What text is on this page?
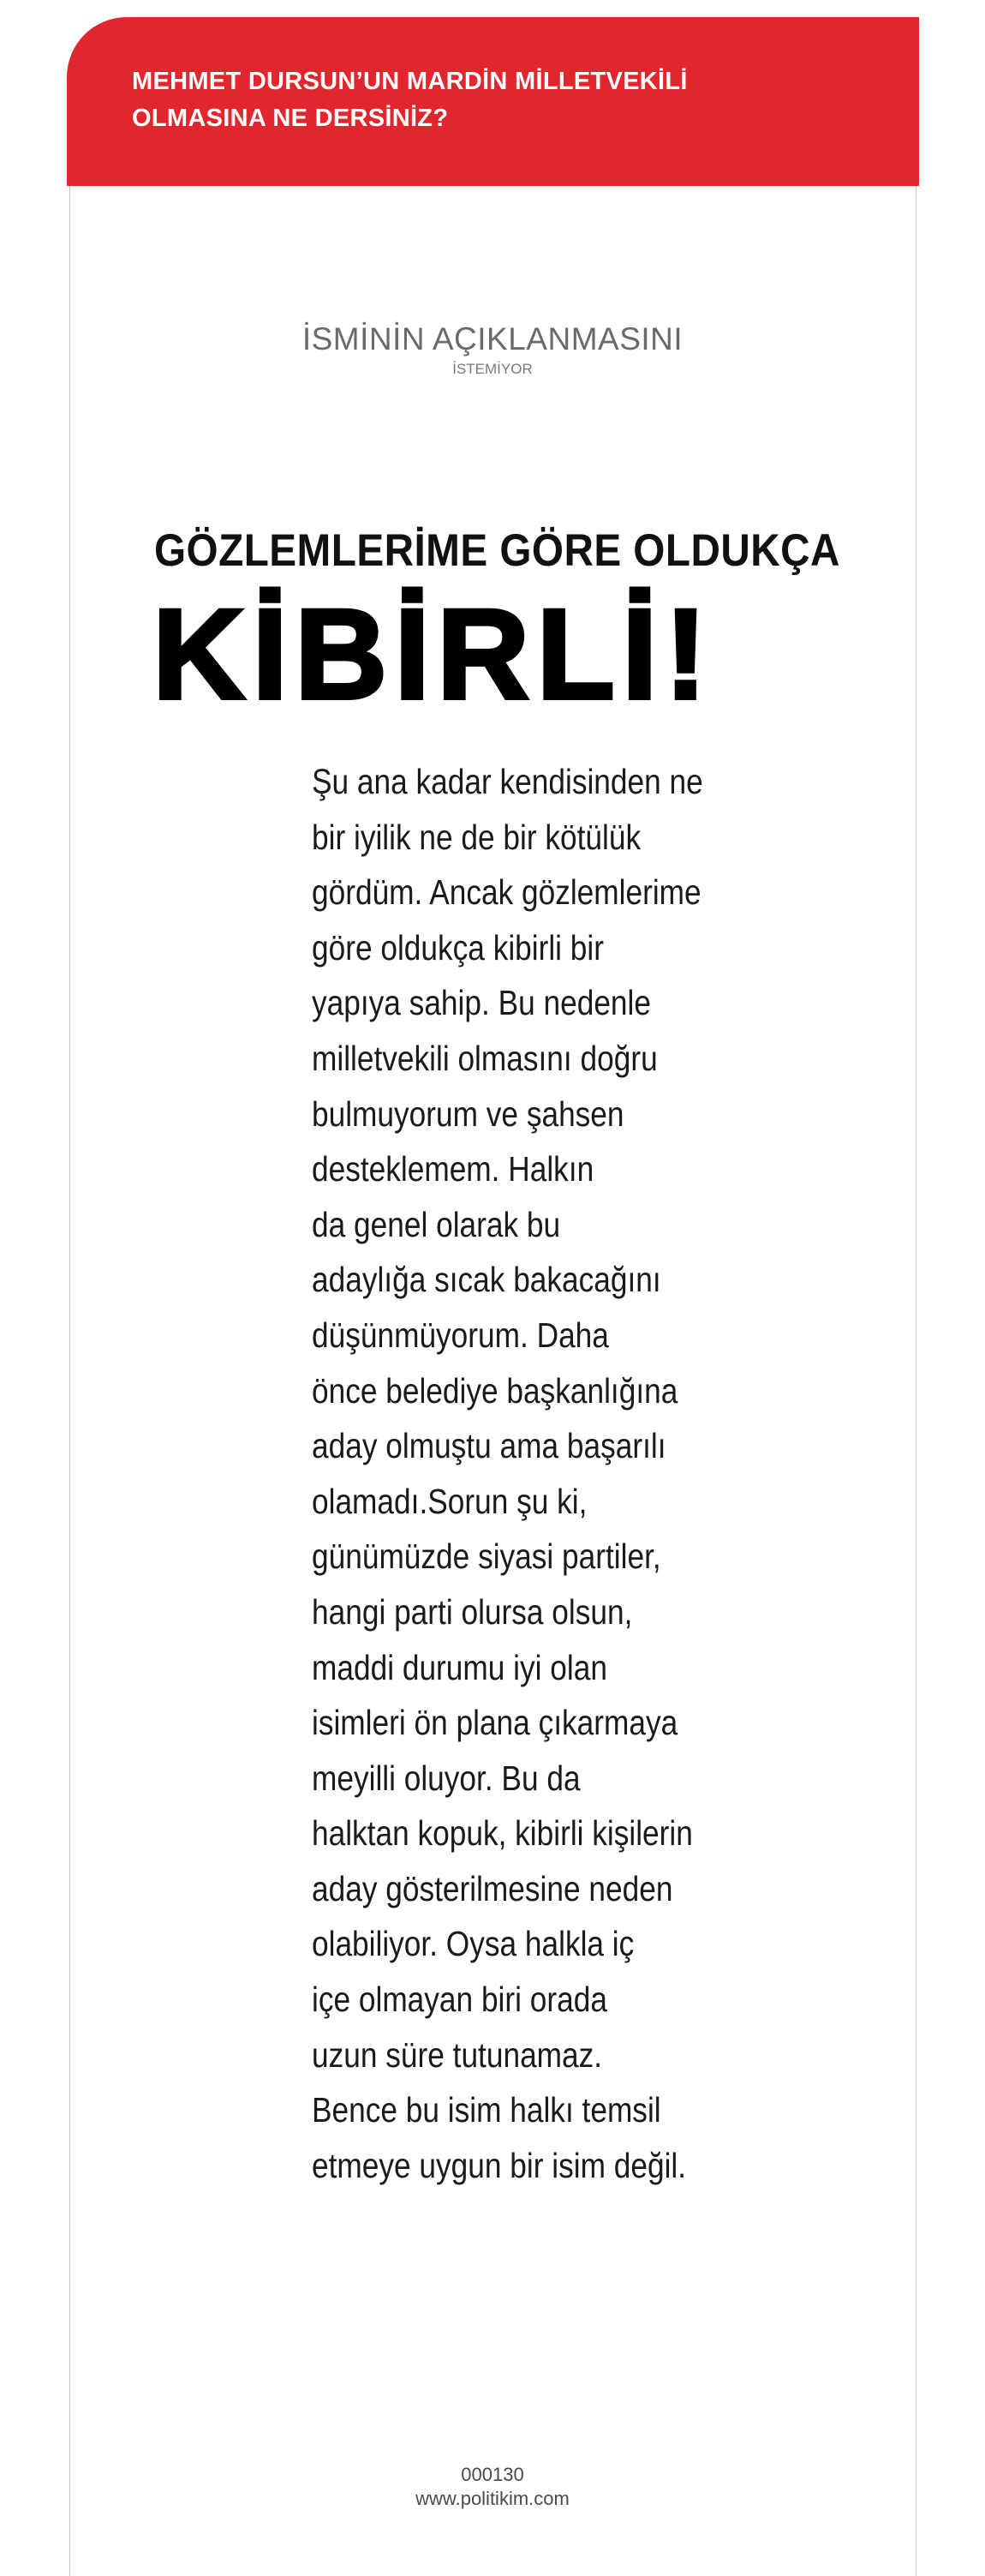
MEHMET DURSUN’UN MARDİN MİLLETVEKİLİ

OLMASINA NE DERSİNİZ?

İSMİNİN AÇIKLANMASINI
İSTEMİYOR
GÖZLEMLERİME GÖRE OLDUKÇA
KİBİRLİ!
Şu ana kadar kendisinden ne
bir iyilik ne de bir kötülük
gördüm. Ancak gözlemlerime
göre oldukça kibirli bir
yapıya sahip. Bu nedenle
milletvekili olmasını doğru
bulmuyorum ve şahsen
desteklemem. Halkın
da genel olarak bu
adaylığa sıcak bakacağını
düşünmüyorum. Daha
önce belediye başkanlığına
aday olmuştu ama başarılı
olamadı.Sorun şu ki,
günümüzde siyasi partiler,
hangi parti olursa olsun,
maddi durumu iyi olan
isimleri ön plana çıkarmaya
meyilli oluyor. Bu da
halktan kopuk, kibirli kişilerin
aday gösterilmesine neden
olabiliyor. Oysa halkla iç
içe olmayan biri orada
uzun süre tutunamaz.
Bence bu isim halkı temsil
etmeye uygun bir isim değil.
000130
www.politikim.com
